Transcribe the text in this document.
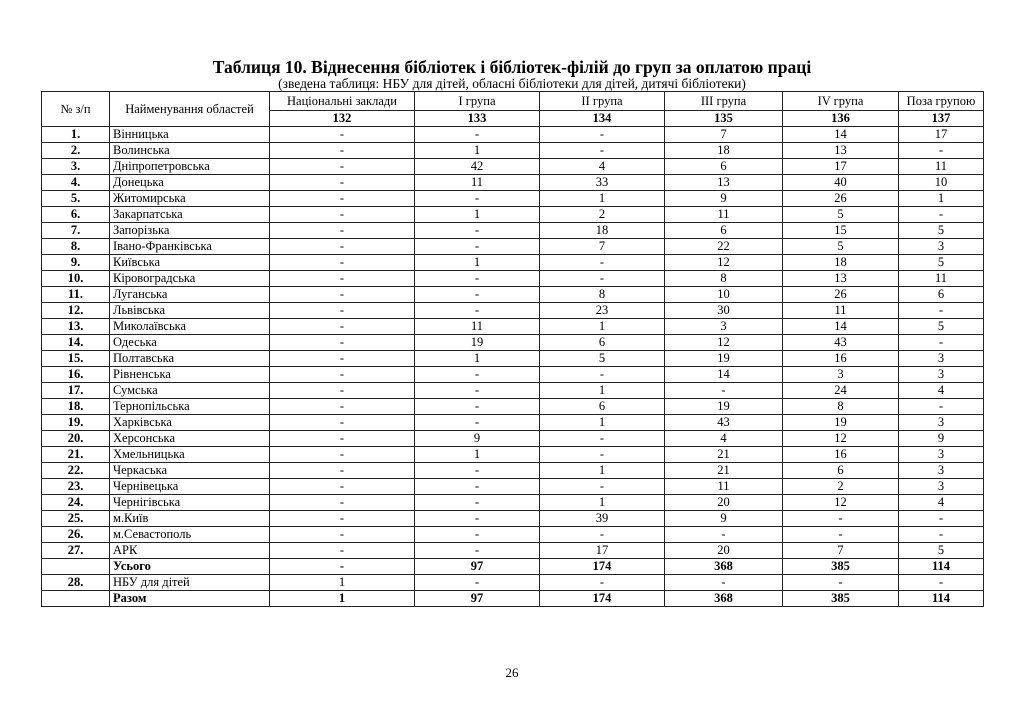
Таблиця 10. Віднесення бібліотек і бібліотек-філій до груп за оплатою праці
(зведена таблиця: НБУ для дітей, обласні бібліотеки для дітей, дитячі бібліотеки)
№ з/п	Найменування областей	Національні заклади	І група	ІІ група	ІІІ група	IV група	Поза групою
		132	133	134	135	136	137
1.	Вінницька	-	-	-	7	14	17
2.	Волинська	-	1	-	18	13	-
3.	Дніпропетровська	-	42	4	6	17	11
4.	Донецька	-	11	33	13	40	10
5.	Житомирська	-	-	1	9	26	1
6.	Закарпатська	-	1	2	11	5	-
7.	Запорізька	-	-	18	6	15	5
8.	Івано-Франківська	-	-	7	22	5	3
9.	Київська	-	1	-	12	18	5
10.	Кіровоградська	-	-	-	8	13	11
11.	Луганська	-	-	8	10	26	6
12.	Львівська	-	-	23	30	11	-
13.	Миколаївська	-	11	1	3	14	5
14.	Одеська	-	19	6	12	43	-
15.	Полтавська	-	1	5	19	16	3
16.	Рівненська	-	-	-	14	3	3
17.	Сумська	-	-	1	-	24	4
18.	Тернопільська	-	-	6	19	8	-
19.	Харківська	-	-	1	43	19	3
20.	Херсонська	-	9	-	4	12	9
21.	Хмельницька	-	1	-	21	16	3
22.	Черкаська	-	-	1	21	6	3
23.	Чернівецька	-	-	-	11	2	3
24.	Чернігівська	-	-	1	20	12	4
25.	м.Київ	-	-	39	9	-	-
26.	м.Севастополь	-	-	-	-	-	-
27.	АРК	-	-	17	20	7	5
	Усього	-	97	174	368	385	114
28.	НБУ для дітей	1	-	-	-	-	-
	Разом	1	97	174	368	385	114
26
